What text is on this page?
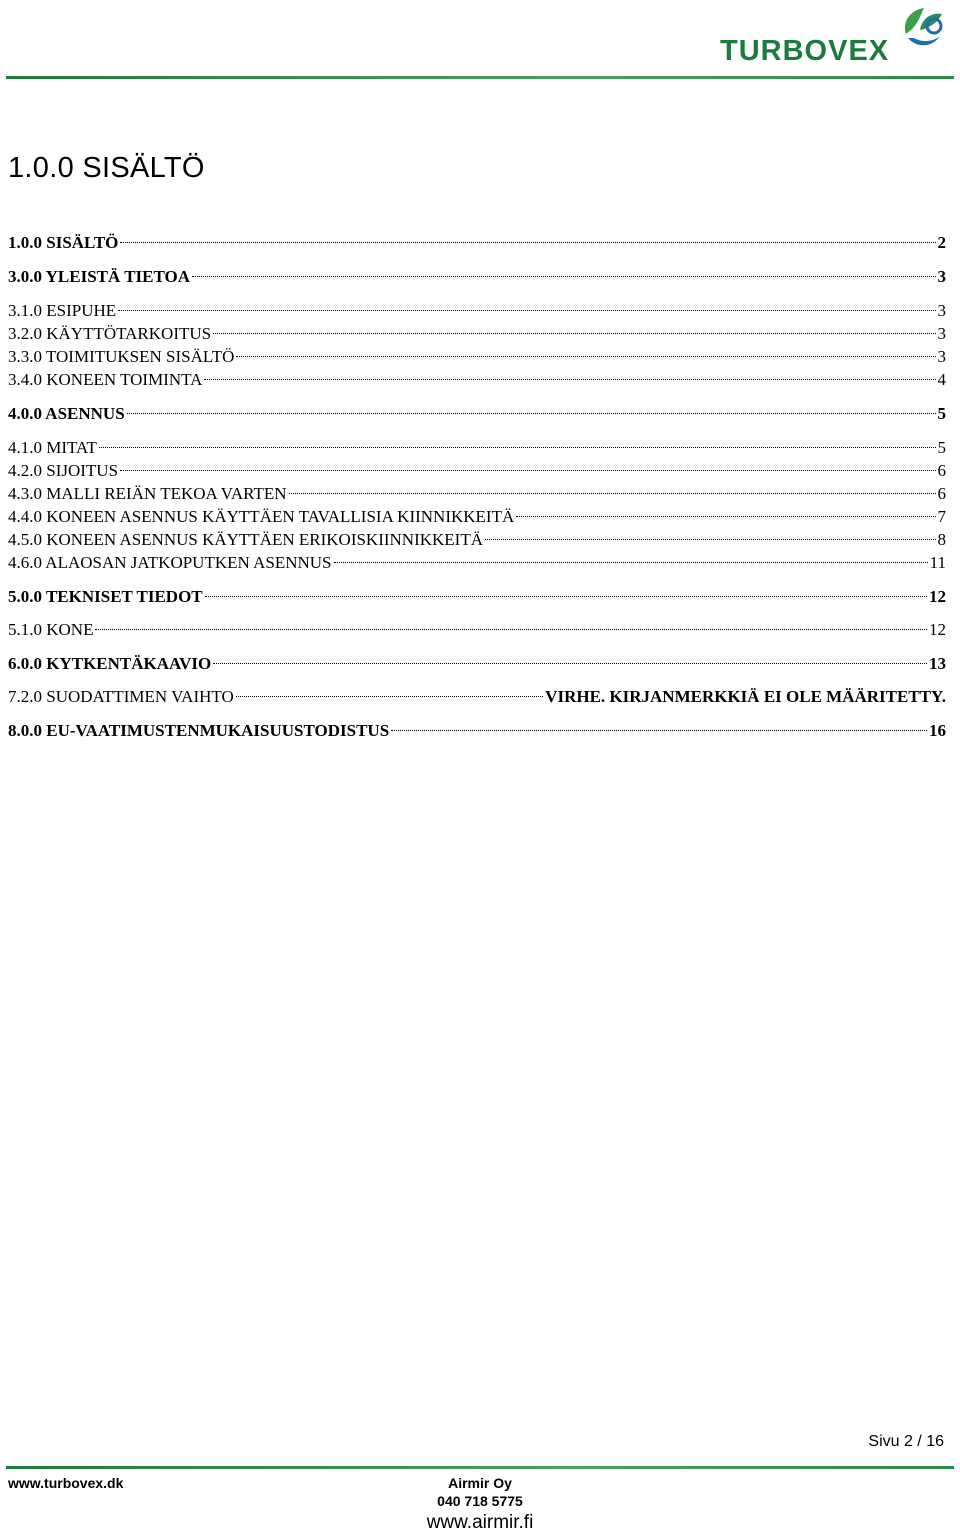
TURBOVEX
1.0.0 SISÄLTÖ
1.0.0 SISÄLTÖ	2
3.0.0 YLEISTÄ TIETOA	3
3.1.0 ESIPUHE	3
3.2.0 KÄYTTÖTARKOITUS	3
3.3.0 TOIMITUKSEN SISÄLTÖ	3
3.4.0 KONEEN TOIMINTA	4
4.0.0 ASENNUS	5
4.1.0 MITAT	5
4.2.0 SIJOITUS	6
4.3.0 MALLI REIÄN TEKOA VARTEN	6
4.4.0 KONEEN ASENNUS KÄYTTÄEN TAVALLISIA KIINNIKKEITÄ	7
4.5.0 KONEEN ASENNUS KÄYTTÄEN ERIKOISKIINNIKKEITÄ	8
4.6.0 ALAOSAN JATKOPUTKEN ASENNUS	11
5.0.0 TEKNISET TIEDOT	12
5.1.0 KONE	12
6.0.0 KYTKENTÄKAAVIO	13
7.2.0 SUODATTIMEN VAIHTO	VIRHE. KIRJANMERKKIÄ EI OLE MÄÄRITETTY.
8.0.0 EU-VAATIMUSTENMUKAISUUSTODISTUS	16
Sivu 2 / 16
www.turbovex.dk	Airmir Oy
040 718 5775
www.airmir.fi
